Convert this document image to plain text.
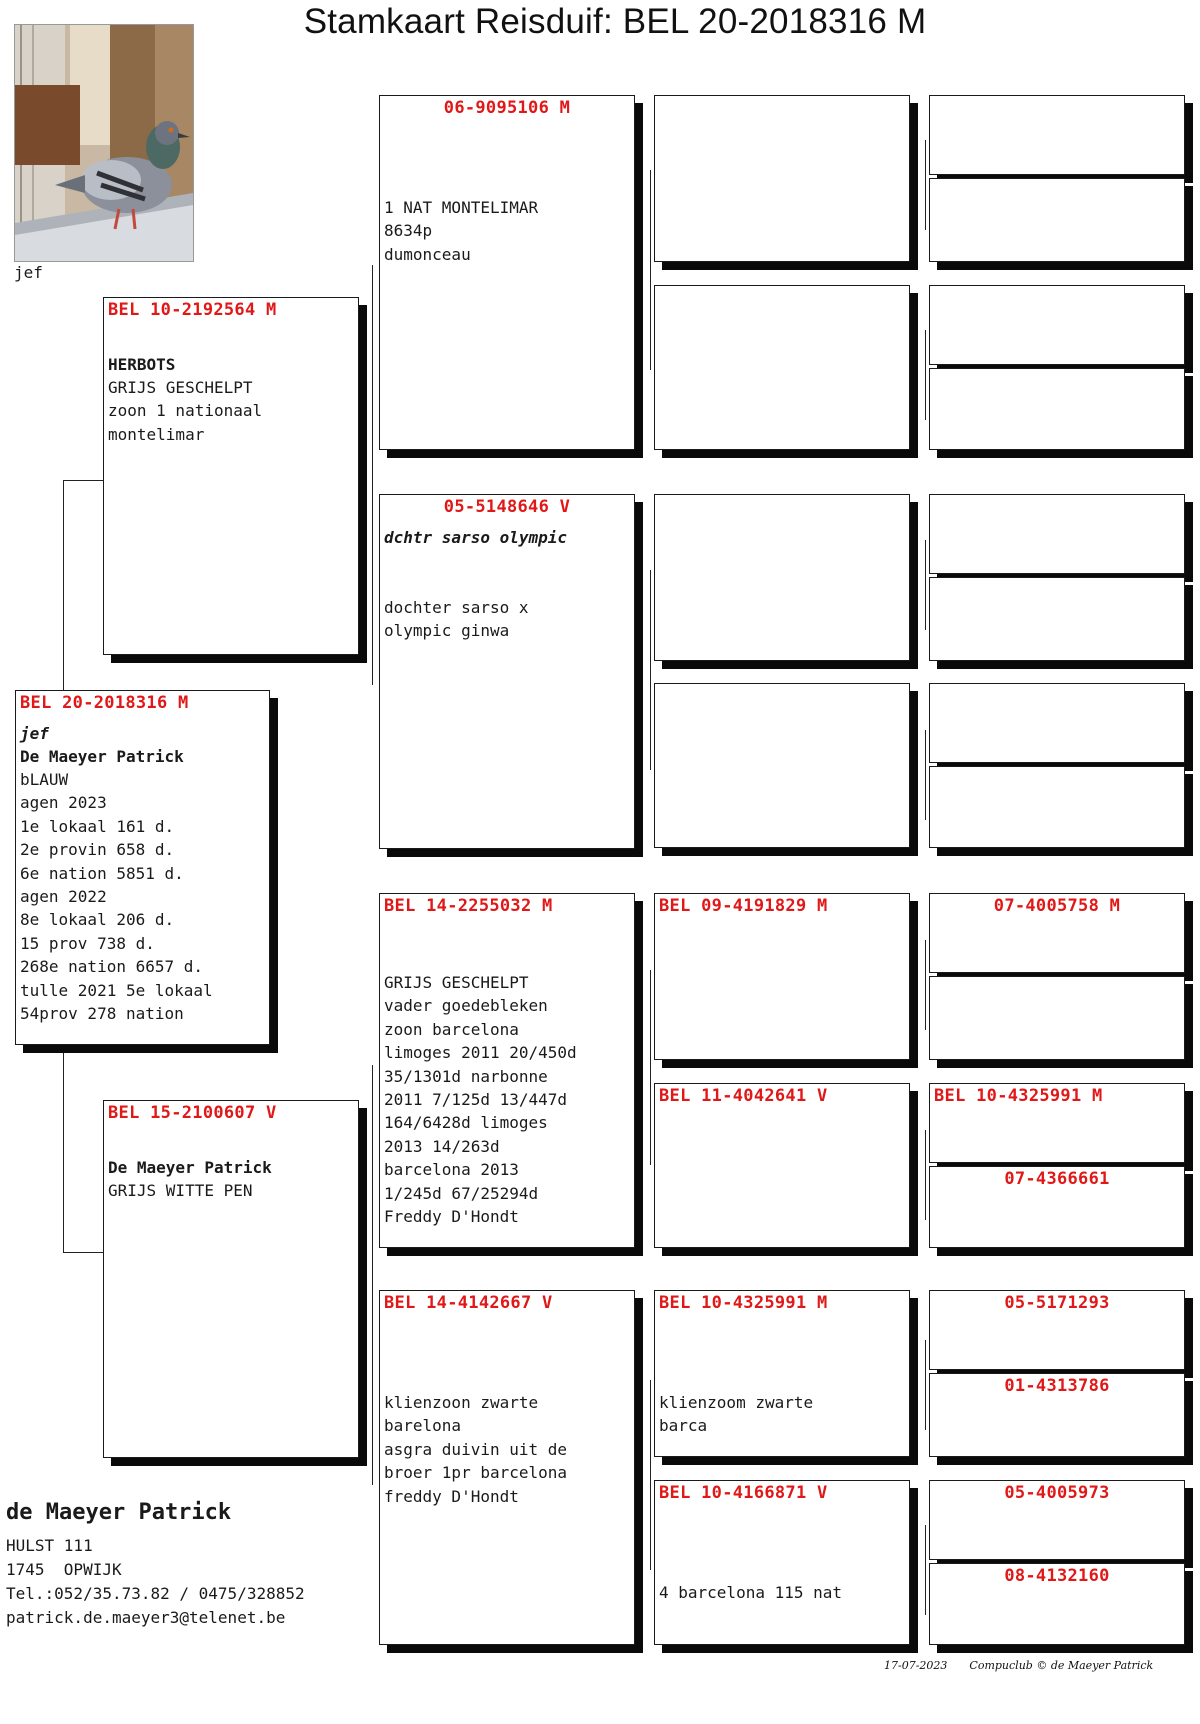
Stamkaart Reisduif: BEL 20-2018316 M
jef
BEL 20-2018316 M
jef
De Maeyer Patrick
bLAUW
agen 2023
1e lokaal 161 d.
2e provin 658 d.
6e nation 5851 d.
agen 2022
8e lokaal 206 d.
15 prov 738 d.
268e nation 6657 d.
tulle 2021 5e lokaal
54prov 278 nation
BEL 10-2192564 M
HERBOTS
GRIJS GESCHELPT
zoon 1 nationaal
montelimar
BEL 15-2100607 V
De Maeyer Patrick
GRIJS WITTE PEN
06-9095106 M
1 NAT MONTELIMAR
8634p
dumonceau
05-5148646 V
dchtr sarso olympic
dochter sarso x
olympic ginwa
BEL 14-2255032 M
GRIJS GESCHELPT
vader goedebleken
zoon barcelona
limoges 2011 20/450d
35/1301d narbonne
2011 7/125d 13/447d
164/6428d limoges
2013 14/263d
barcelona 2013
1/245d 67/25294d
Freddy D'Hondt
BEL 14-4142667 V
klienzoon zwarte
barelona
asgra duivin uit de
broer 1pr barcelona
freddy D'Hondt
BEL 09-4191829 M
BEL 11-4042641 V
BEL 10-4325991 M
klienzoom zwarte
barca
BEL 10-4166871 V
4 barcelona 115 nat
07-4005758 M
BEL 10-4325991 M
07-4366661
05-5171293
01-4313786
05-4005973
08-4132160
de Maeyer Patrick
HULST 111
1745  OPWIJK
Tel.:052/35.73.82 / 0475/328852
patrick.de.maeyer3@telenet.be
17-07-2023 Compuclub © de Maeyer Patrick
